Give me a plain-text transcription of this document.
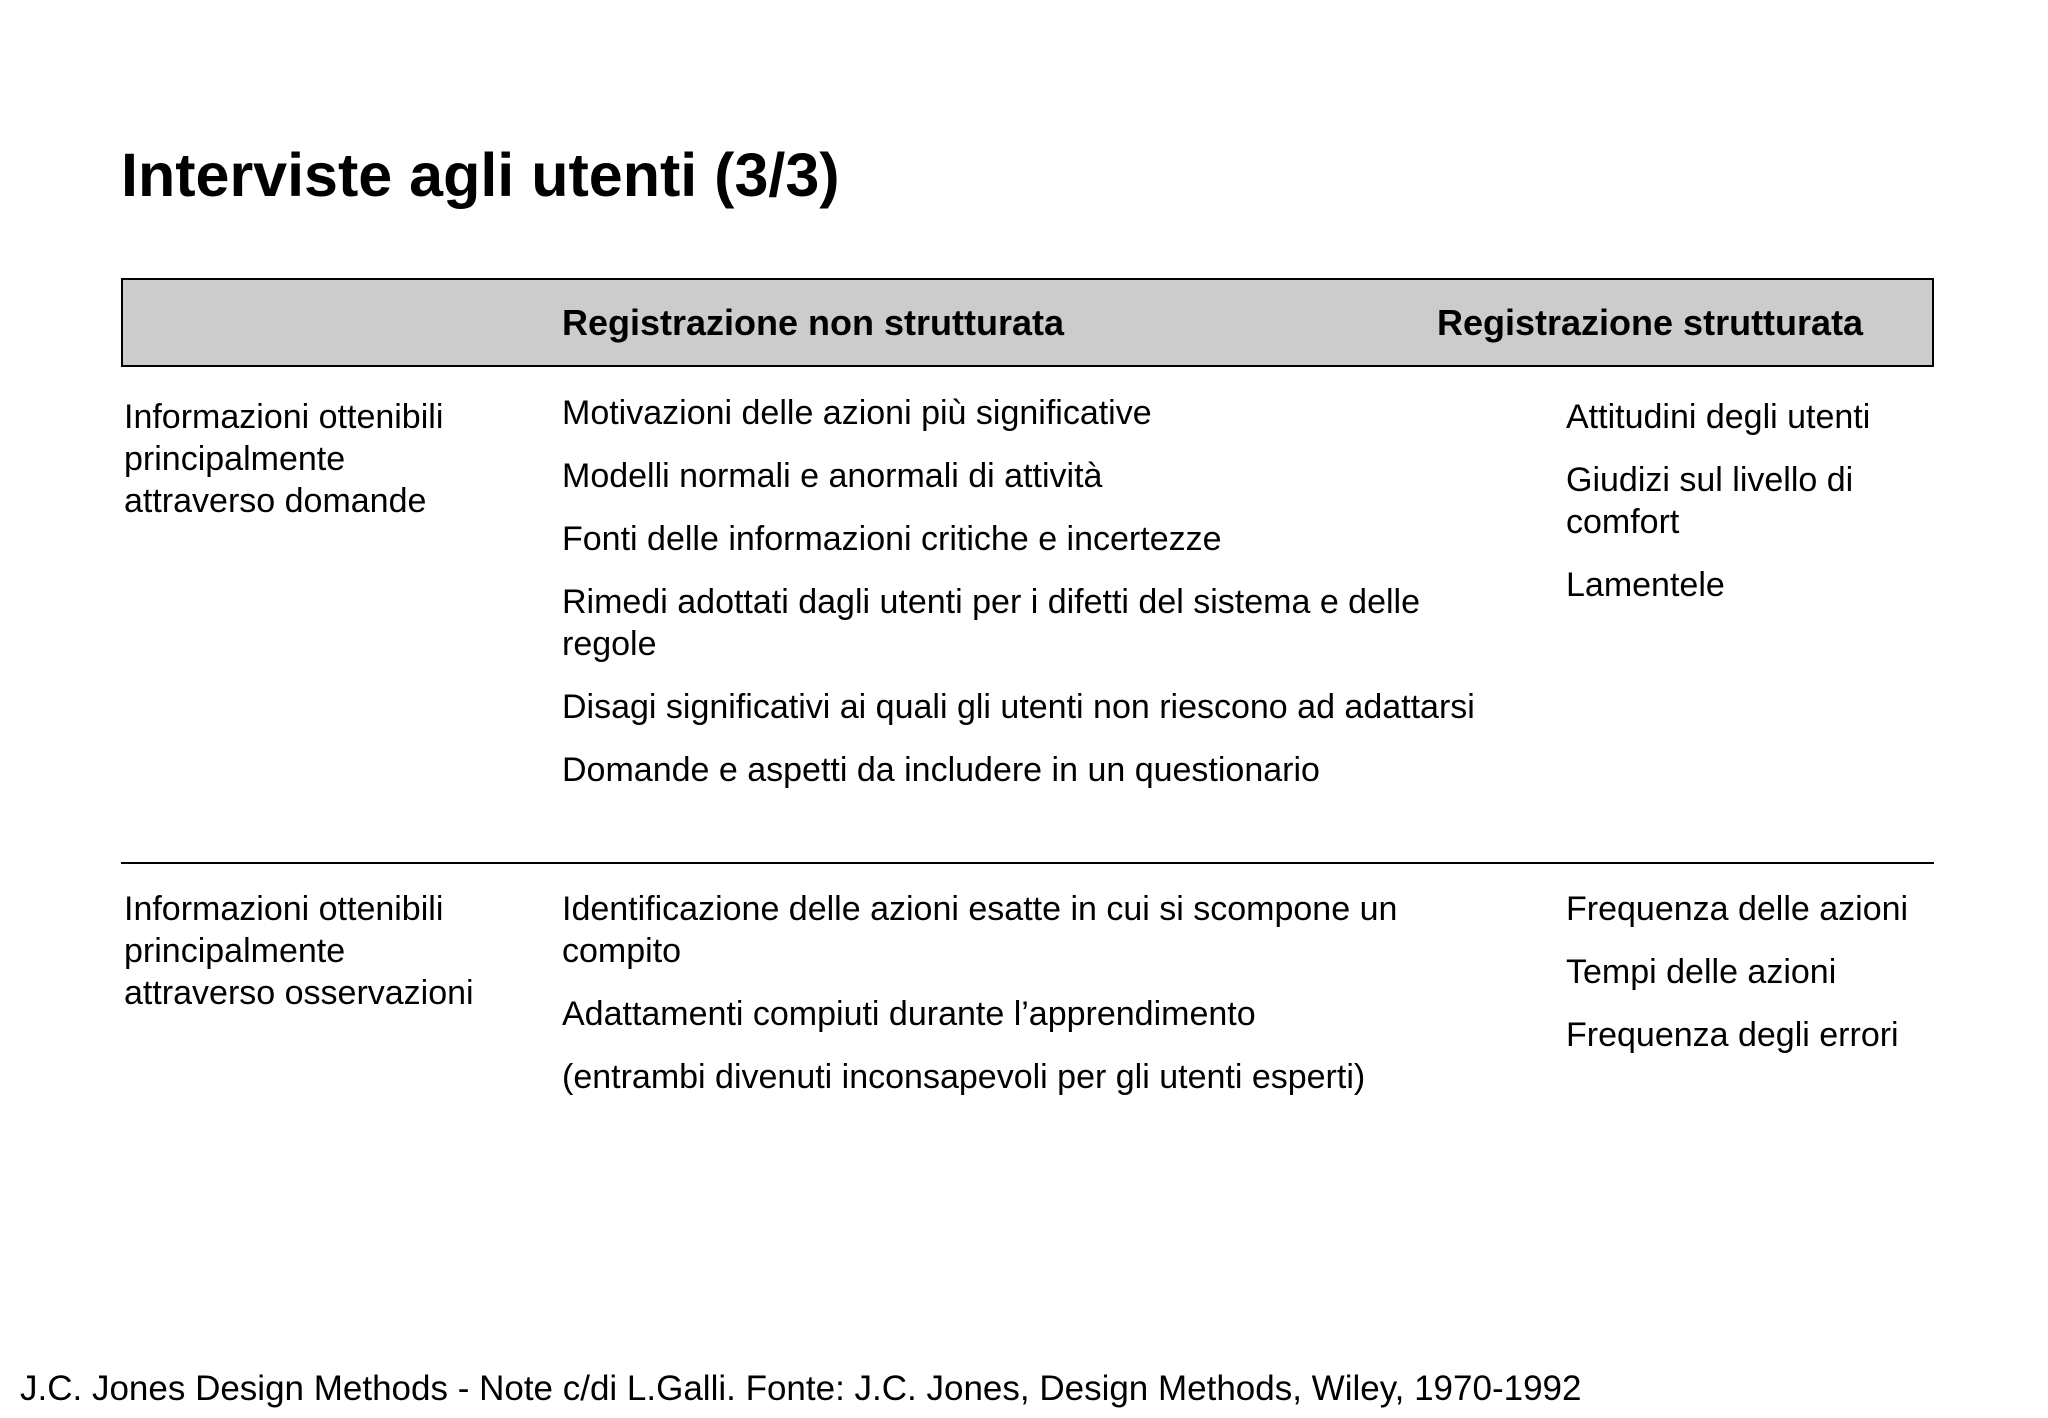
Interviste agli utenti (3/3)
Registrazione non strutturata	Registrazione strutturata
Informazioni ottenibili principalmente attraverso domande
Motivazioni delle azioni più significative
Modelli normali e anormali di attività
Fonti delle informazioni critiche e incertezze
Rimedi adottati dagli utenti per i difetti del sistema e delle regole
Disagi significativi ai quali gli utenti non riescono ad adattarsi
Domande e aspetti da includere in un questionario
Attitudini degli utenti
Giudizi sul livello di comfort
Lamentele
Informazioni ottenibili principalmente attraverso osservazioni
Identificazione delle azioni esatte in cui si scompone un compito
Adattamenti compiuti durante l’apprendimento
(entrambi divenuti inconsapevoli per gli utenti esperti)
Frequenza delle azioni
Tempi delle azioni
Frequenza degli errori
J.C. Jones Design Methods - Note c/di L.Galli. Fonte: J.C. Jones, Design Methods, Wiley, 1970-1992
